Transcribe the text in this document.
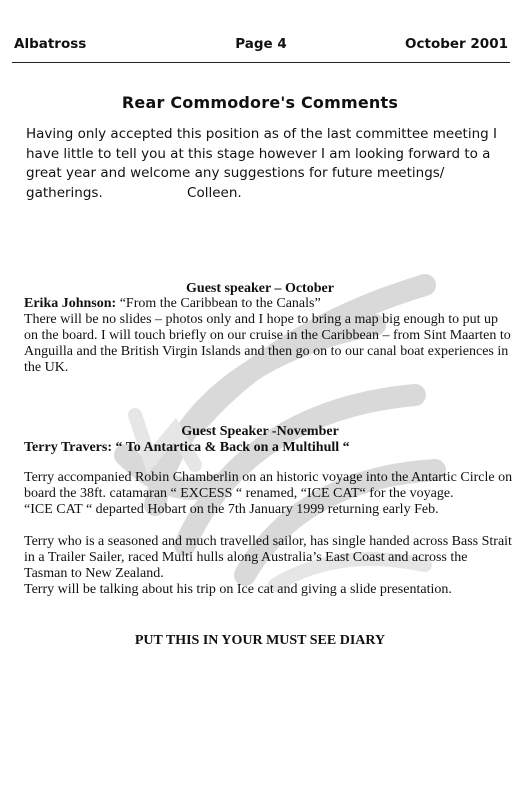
Albatross	Page 4	October 2001
Rear Commodore's Comments
Having only accepted this position as of the last committee meeting I have little to tell you at this stage however I am looking forward to a great year and welcome any suggestions for future meetings/ gatherings.	Colleen.
Guest speaker – October
Erika Johnson: “From the Caribbean to the Canals”
There will be no slides – photos only and I hope to bring a map big enough to put up on the board. I will touch briefly on our cruise in the Caribbean – from Sint Maarten to Anguilla and the British Virgin Islands and then go on to our canal boat experiences in the UK.
Guest Speaker -November
Terry Travers: “ To Antartica & Back on a Multihull “

Terry accompanied Robin Chamberlin on an historic voyage into the Antartic Circle on board the 38ft. catamaran “ EXCESS “ renamed, “ICE CAT“ for the voyage.

“ICE CAT “ departed Hobart on the 7th January 1999 returning early Feb.

Terry who is a seasoned and much travelled sailor, has single handed across Bass Strait in a Trailer Sailer, raced Multi hulls along Australia’s East Coast and across the Tasman to New Zealand.

Terry will be talking about his trip on Ice cat and giving a slide presentation.

PUT THIS IN YOUR MUST SEE DIARY
